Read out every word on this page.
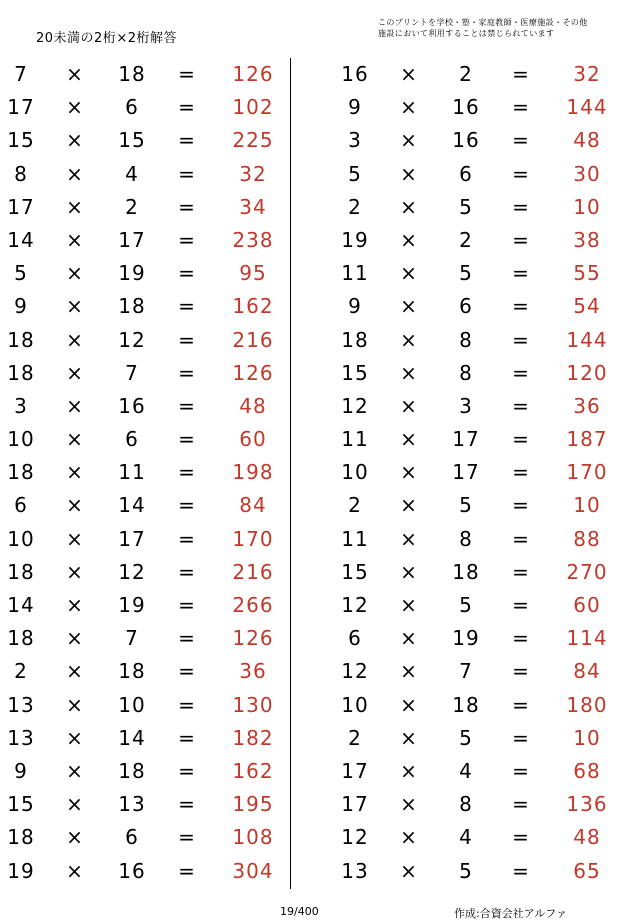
20未満の2桁×2桁解答
このプリントを学校・塾・家庭教師・医療施設・その他
施設において利用することは禁じられています
7	×	18	=	126
17	×	6	=	102
15	×	15	=	225
8	×	4	=	32
17	×	2	=	34
14	×	17	=	238
5	×	19	=	95
9	×	18	=	162
18	×	12	=	216
18	×	7	=	126
3	×	16	=	48
10	×	6	=	60
18	×	11	=	198
6	×	14	=	84
10	×	17	=	170
18	×	12	=	216
14	×	19	=	266
18	×	7	=	126
2	×	18	=	36
13	×	10	=	130
13	×	14	=	182
9	×	18	=	162
15	×	13	=	195
18	×	6	=	108
19	×	16	=	304
16	×	2	=	32
9	×	16	=	144
3	×	16	=	48
5	×	6	=	30
2	×	5	=	10
19	×	2	=	38
11	×	5	=	55
9	×	6	=	54
18	×	8	=	144
15	×	8	=	120
12	×	3	=	36
11	×	17	=	187
10	×	17	=	170
2	×	5	=	10
11	×	8	=	88
15	×	18	=	270
12	×	5	=	60
6	×	19	=	114
12	×	7	=	84
10	×	18	=	180
2	×	5	=	10
17	×	4	=	68
17	×	8	=	136
12	×	4	=	48
13	×	5	=	65
19/400	作成:合資会社アルファ
